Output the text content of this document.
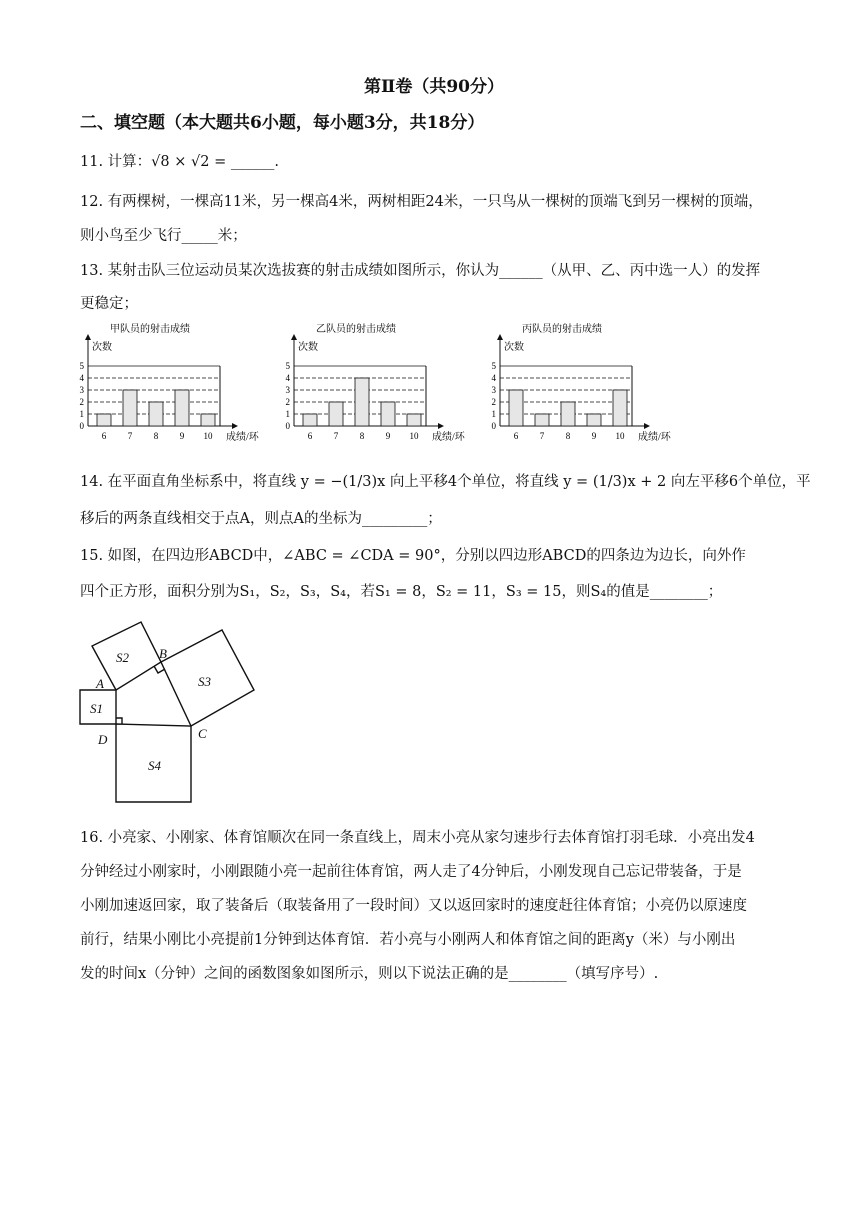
第Ⅱ卷（共90分）
二、填空题（本大题共6小题，每小题3分，共18分）
11. 计算：√8 × √2 = ______.
12. 有两棵树，一棵高11米，另一棵高4米，两树相距24米，一只鸟从一棵树的顶端飞到另一棵树的顶端，
则小鸟至少飞行_____米；
13. 某射击队三位运动员某次选拔赛的射击成绩如图所示，你认为______（从甲、乙、丙中选一人）的发挥
更稳定；
甲队员的射击成绩
次数
0
1
2
3
4
5
6 7 8 9 10 成绩/环
乙队员的射击成绩
次数
0
1
2
3
4
5
6 7 8 9 10 成绩/环
丙队员的射击成绩
次数
0
1
2
3
4
5
6 7 8 9 10 成绩/环
14. 在平面直角坐标系中，将直线 y = −(1/3)x 向上平移4个单位，将直线 y = (1/3)x + 2 向左平移6个单位，平
移后的两条直线相交于点A，则点A的坐标为_________；
15. 如图，在四边形ABCD中，∠ABC = ∠CDA = 90°，分别以四边形ABCD的四条边为边长，向外作
四个正方形，面积分别为S₁，S₂，S₃，S₄，若S₁ = 8，S₂ = 11，S₃ = 15，则S₄的值是________；
A
B
C
D
S1
S2
S3
S4
16. 小亮家、小刚家、体育馆顺次在同一条直线上，周末小亮从家匀速步行去体育馆打羽毛球．小亮出发4
分钟经过小刚家时，小刚跟随小亮一起前往体育馆，两人走了4分钟后，小刚发现自己忘记带装备，于是
小刚加速返回家，取了装备后（取装备用了一段时间）又以返回家时的速度赶往体育馆；小亮仍以原速度
前行，结果小刚比小亮提前1分钟到达体育馆．若小亮与小刚两人和体育馆之间的距离y（米）与小刚出
发的时间x（分钟）之间的函数图象如图所示，则以下说法正确的是________（填写序号）.
